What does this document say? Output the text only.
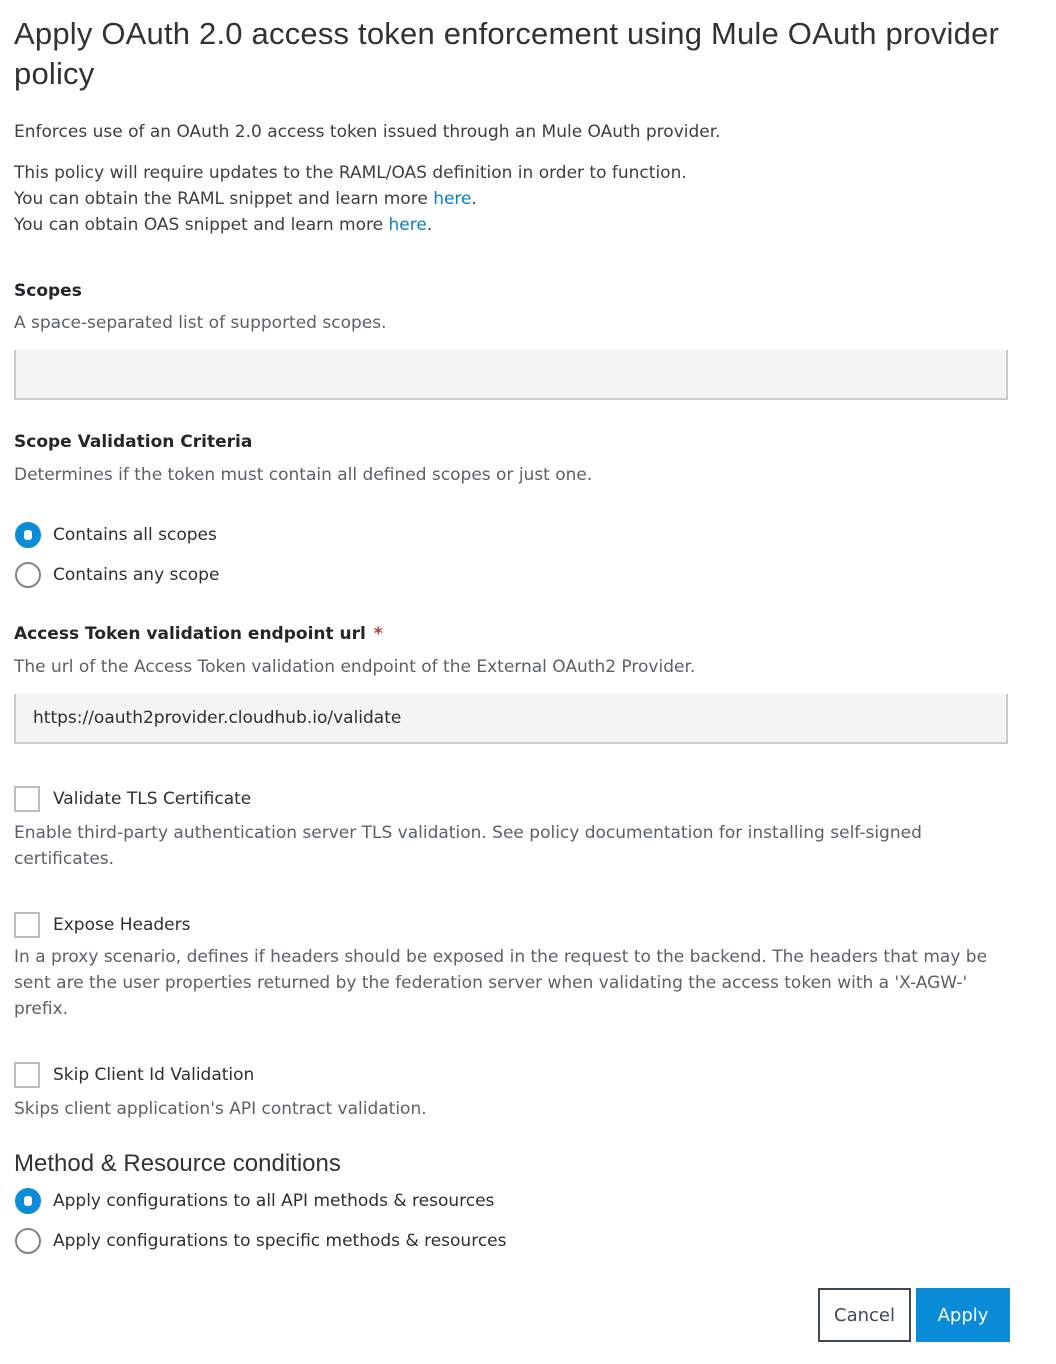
Apply OAuth 2.0 access token enforcement using Mule OAuth provider policy
Enforces use of an OAuth 2.0 access token issued through an Mule OAuth provider.
This policy will require updates to the RAML/OAS definition in order to function.
You can obtain the RAML snippet and learn more here.
You can obtain OAS snippet and learn more here.
Scopes
A space-separated list of supported scopes.
Scope Validation Criteria
Determines if the token must contain all defined scopes or just one.
Contains all scopes
Contains any scope
Access Token validation endpoint url *
The url of the Access Token validation endpoint of the External OAuth2 Provider.
https://oauth2provider.cloudhub.io/validate
Validate TLS Certificate
Enable third-party authentication server TLS validation. See policy documentation for installing self-signed
certificates.
Expose Headers
In a proxy scenario, defines if headers should be exposed in the request to the backend. The headers that may be
sent are the user properties returned by the federation server when validating the access token with a 'X-AGW-'
prefix.
Skip Client Id Validation
Skips client application's API contract validation.
Method & Resource conditions
Apply configurations to all API methods & resources
Apply configurations to specific methods & resources
Cancel	Apply
